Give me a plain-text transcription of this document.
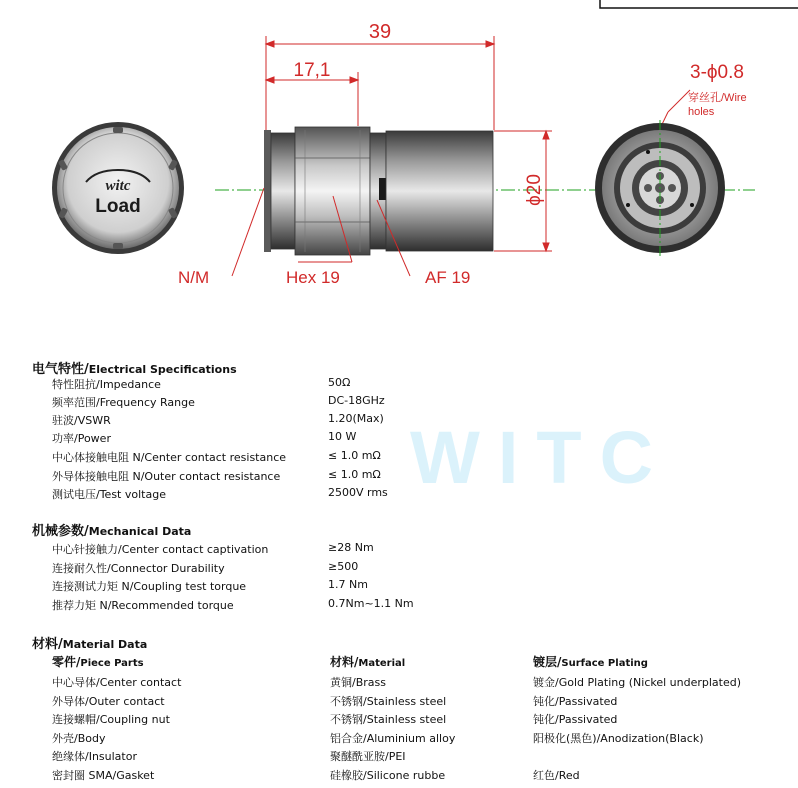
witc
Load
39
17,1
ϕ20
N/M	Hex 19	AF 19
3-ϕ0.8
穿丝孔/Wire
holes
WITC
电气特性/Electrical Specifications
特性阻抗/Impedance	50Ω
频率范围/Frequency Range	DC-18GHz
驻波/VSWR	1.20(Max)
功率/Power	10 W
中心体接触电阻 N/Center contact resistance	≤ 1.0 mΩ
外导体接触电阻 N/Outer contact resistance	≤ 1.0 mΩ
测试电压/Test voltage	2500V rms
机械参数/Mechanical Data
中心针接触力/Center contact captivation	≥28 Nm
连接耐久性/Connector Durability	≥500
连接测试力矩 N/Coupling test torque	1.7 Nm
推荐力矩 N/Recommended torque	0.7Nm~1.1 Nm
材料/Material Data
零件/Piece Parts	材料/Material	镀层/Surface Plating
中心导体/Center contact	黄铜/Brass	镀金/Gold Plating (Nickel underplated)
外导体/Outer contact	不锈钢/Stainless steel	钝化/Passivated
连接螺帽/Coupling nut	不锈钢/Stainless steel	钝化/Passivated
外壳/Body	铝合金/Aluminium alloy	阳极化(黑色)/Anodization(Black)
绝缘体/Insulator	聚醚酰亚胺/PEI
密封圈 SMA/Gasket	硅橡胶/Silicone rubbe	红色/Red
